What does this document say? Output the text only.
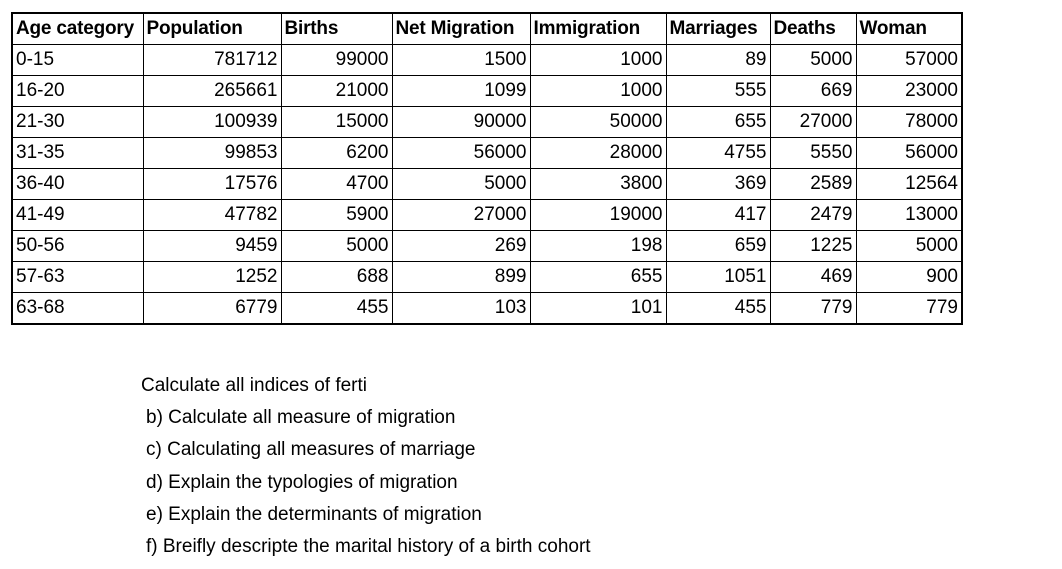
Age category	Population	Births	Net Migration	Immigration	Marriages	Deaths	Woman
0-15	781712	99000	1500	1000	89	5000	57000
16-20	265661	21000	1099	1000	555	669	23000
21-30	100939	15000	90000	50000	655	27000	78000
31-35	99853	6200	56000	28000	4755	5550	56000
36-40	17576	4700	5000	3800	369	2589	12564
41-49	47782	5900	27000	19000	417	2479	13000
50-56	9459	5000	269	198	659	1225	5000
57-63	1252	688	899	655	1051	469	900
63-68	6779	455	103	101	455	779	779
Calculate all indices of ferti
b) Calculate all measure of migration
c) Calculating all measures of marriage
d) Explain the typologies of migration
e) Explain the determinants of migration
f) Breifly descripte the marital history of a birth cohort
